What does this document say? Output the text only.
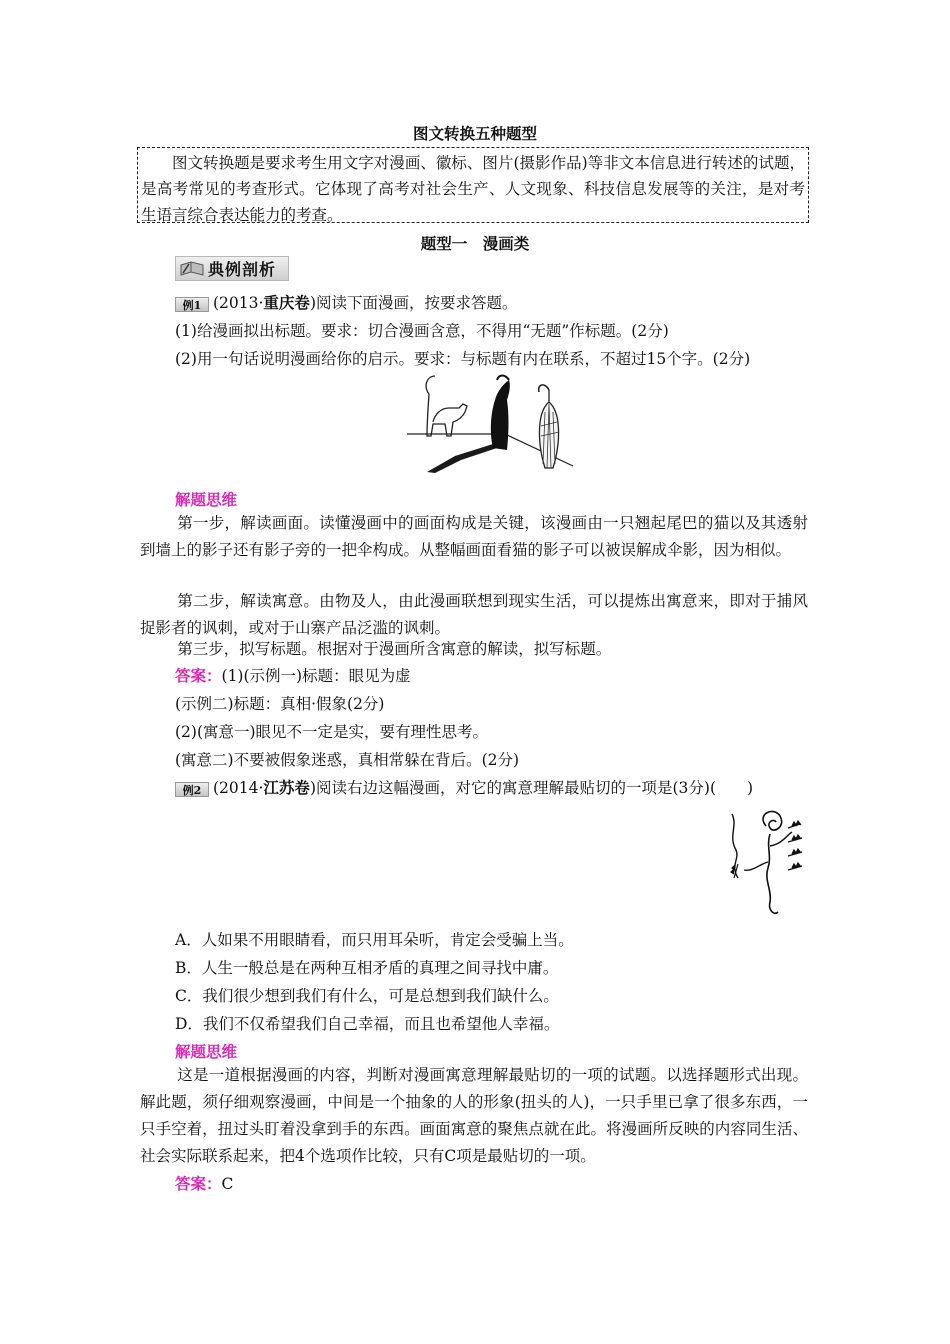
图文转换五种题型

图文转换题是要求考生用文字对漫画、徽标、图片(摄影作品)等非文本信息进行转述的试题，是高考常见的考查形式。它体现了高考对社会生产、人文现象、科技信息发展等的关注，是对考生语言综合表达能力的考查。

题型一　漫画类
典例剖析
例1 (2013·重庆卷)阅读下面漫画，按要求答题。
(1)给漫画拟出标题。要求：切合漫画含意，不得用“无题”作标题。(2分)
(2)用一句话说明漫画给你的启示。要求：与标题有内在联系，不超过15个字。(2分)
解题思维

第一步，解读画面。读懂漫画中的画面构成是关键，该漫画由一只翘起尾巴的猫以及其透射到墙上的影子还有影子旁的一把伞构成。从整幅画面看猫的影子可以被误解成伞影，因为相似。

第二步，解读寓意。由物及人，由此漫画联想到现实生活，可以提炼出寓意来，即对于捕风捉影者的讽刺，或对于山寨产品泛滥的讽刺。

第三步，拟写标题。根据对于漫画所含寓意的解读，拟写标题。

答案：(1)(示例一)标题：眼见为虚
(示例二)标题：真相·假象(2分)
(2)(寓意一)眼见不一定是实，要有理性思考。
(寓意二)不要被假象迷惑，真相常躲在背后。(2分)
例2 (2014·江苏卷)阅读右边这幅漫画，对它的寓意理解最贴切的一项是(3分)(　　)
A．人如果不用眼睛看，而只用耳朵听，肯定会受骗上当。
B．人生一般总是在两种互相矛盾的真理之间寻找中庸。
C．我们很少想到我们有什么，可是总想到我们缺什么。
D．我们不仅希望我们自己幸福，而且也希望他人幸福。
解题思维

这是一道根据漫画的内容，判断对漫画寓意理解最贴切的一项的试题。以选择题形式出现。解此题，须仔细观察漫画，中间是一个抽象的人的形象(扭头的人)，一只手里已拿了很多东西，一只手空着，扭过头盯着没拿到手的东西。画面寓意的聚焦点就在此。将漫画所反映的内容同生活、社会实际联系起来，把4个选项作比较，只有C项是最贴切的一项。

答案：C
